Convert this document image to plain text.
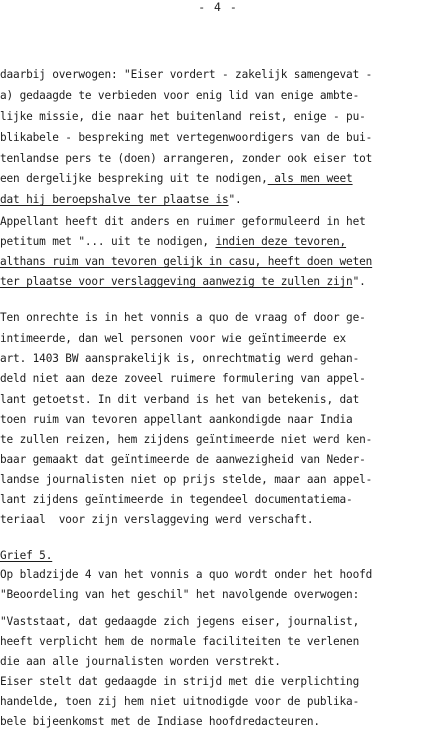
- 4 -
daarbij overwogen: "Eiser vordert - zakelijk samengevat -
a) gedaagde te verbieden voor enig lid van enige ambte-
lijke missie, die naar het buitenland reist, enige - pu-
blikabele - bespreking met vertegenwoordigers van de bui-
tenlandse pers te (doen) arrangeren, zonder ook eiser tot
een dergelijke bespreking uit te nodigen, als men weet
dat hij beroepshalve ter plaatse is".
Appellant heeft dit anders en ruimer geformuleerd in het
petitum met "... uit te nodigen, indien deze tevoren,
althans ruim van tevoren gelijk in casu, heeft doen weten
ter plaatse voor verslaggeving aanwezig te zullen zijn".
Ten onrechte is in het vonnis a quo de vraag of door ge-
intimeerde, dan wel personen voor wie geïntimeerde ex
art. 1403 BW aansprakelijk is, onrechtmatig werd gehan-
deld niet aan deze zoveel ruimere formulering van appel-
lant getoetst. In dit verband is het van betekenis, dat
toen ruim van tevoren appellant aankondigde naar India
te zullen reizen, hem zijdens geïntimeerde niet werd ken-
baar gemaakt dat geïntimeerde de aanwezigheid van Neder-
landse journalisten niet op prijs stelde, maar aan appel-
lant zijdens geïntimeerde in tegendeel documentatiema-
teriaal  voor zijn verslaggeving werd verschaft.
Grief 5.
Op bladzijde 4 van het vonnis a quo wordt onder het hoofd
"Beoordeling van het geschil" het navolgende overwogen:
"Vaststaat, dat gedaagde zich jegens eiser, journalist,
heeft verplicht hem de normale faciliteiten te verlenen
die aan alle journalisten worden verstrekt.
Eiser stelt dat gedaagde in strijd met die verplichting
handelde, toen zij hem niet uitnodigde voor de publika-
bele bijeenkomst met de Indiase hoofdredacteuren.
